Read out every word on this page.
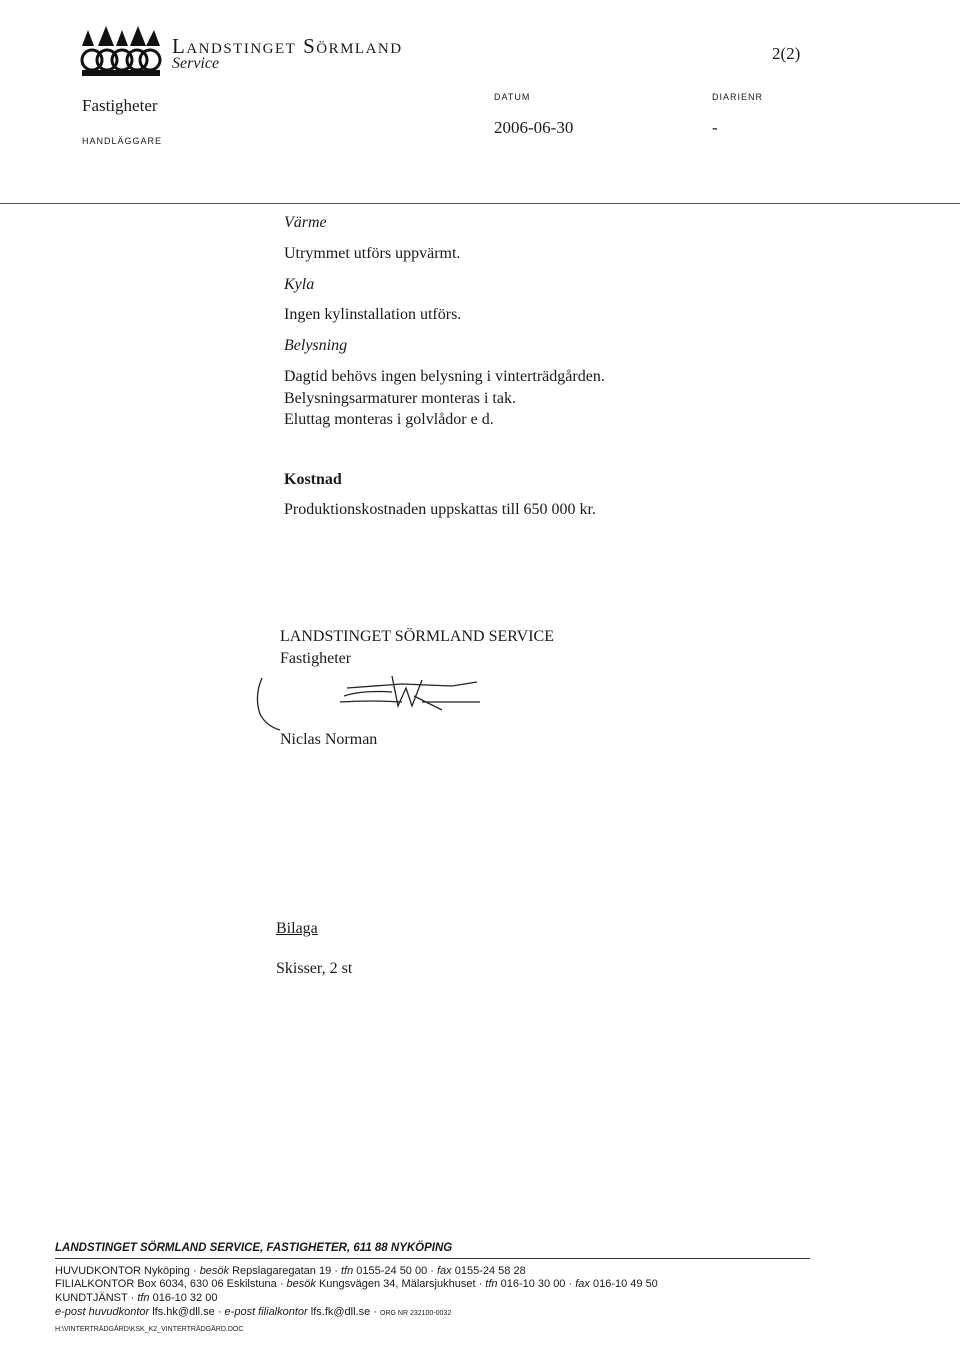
Landstinget Sörmland
Service
2(2)
Fastigheter
HANDLÄGGARE
DATUM
2006-06-30
DIARIENR
-
Värme
Utrymmet utförs uppvärmt.
Kyla
Ingen kylinstallation utförs.
Belysning
Dagtid behövs ingen belysning i vinterträdgården.
Belysningsarmaturer monteras i tak.
Eluttag monteras i golvlådor e d.
Kostnad
Produktionskostnaden uppskattas till 650 000 kr.
LANDSTINGET SÖRMLAND SERVICE
Fastigheter
Niclas Norman
Bilaga
Skisser, 2 st
LANDSTINGET SÖRMLAND SERVICE, FASTIGHETER, 611 88 NYKÖPING
HUVUDKONTOR Nyköping · besök Repslagaregatan 19 · tfn 0155-24 50 00 · fax 0155-24 58 28
FILIALKONTOR Box 6034, 630 06 Eskilstuna · besök Kungsvägen 34, Mälarsjukhuset · tfn 016-10 30 00 · fax 016-10 49 50
KUNDTJÄNST · tfn 016-10 32 00
e-post huvudkontor lfs.hk@dll.se · e-post filialkontor lfs.fk@dll.se · ORG NR 232100-0032
H:\VINTERTRÄDGÅRD\KSK_K2_VINTERTRÄDGÅRD.DOC
